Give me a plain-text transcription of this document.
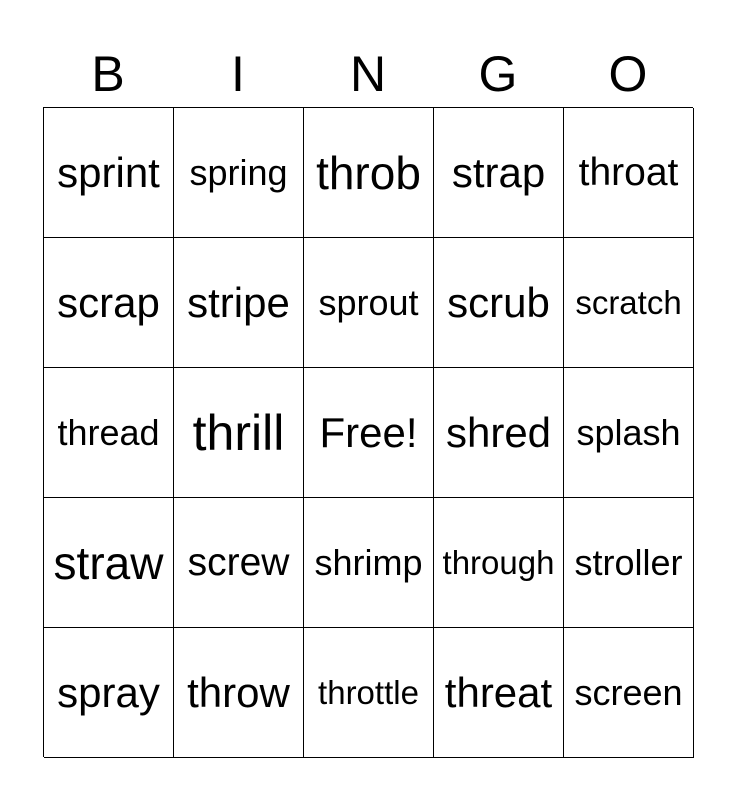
B	I	N	G	O
sprint spring throb strap throat
scrap stripe sprout scrub scratch
thread thrill Free! shred splash
straw screw shrimp through stroller
spray throw throttle threat screen
